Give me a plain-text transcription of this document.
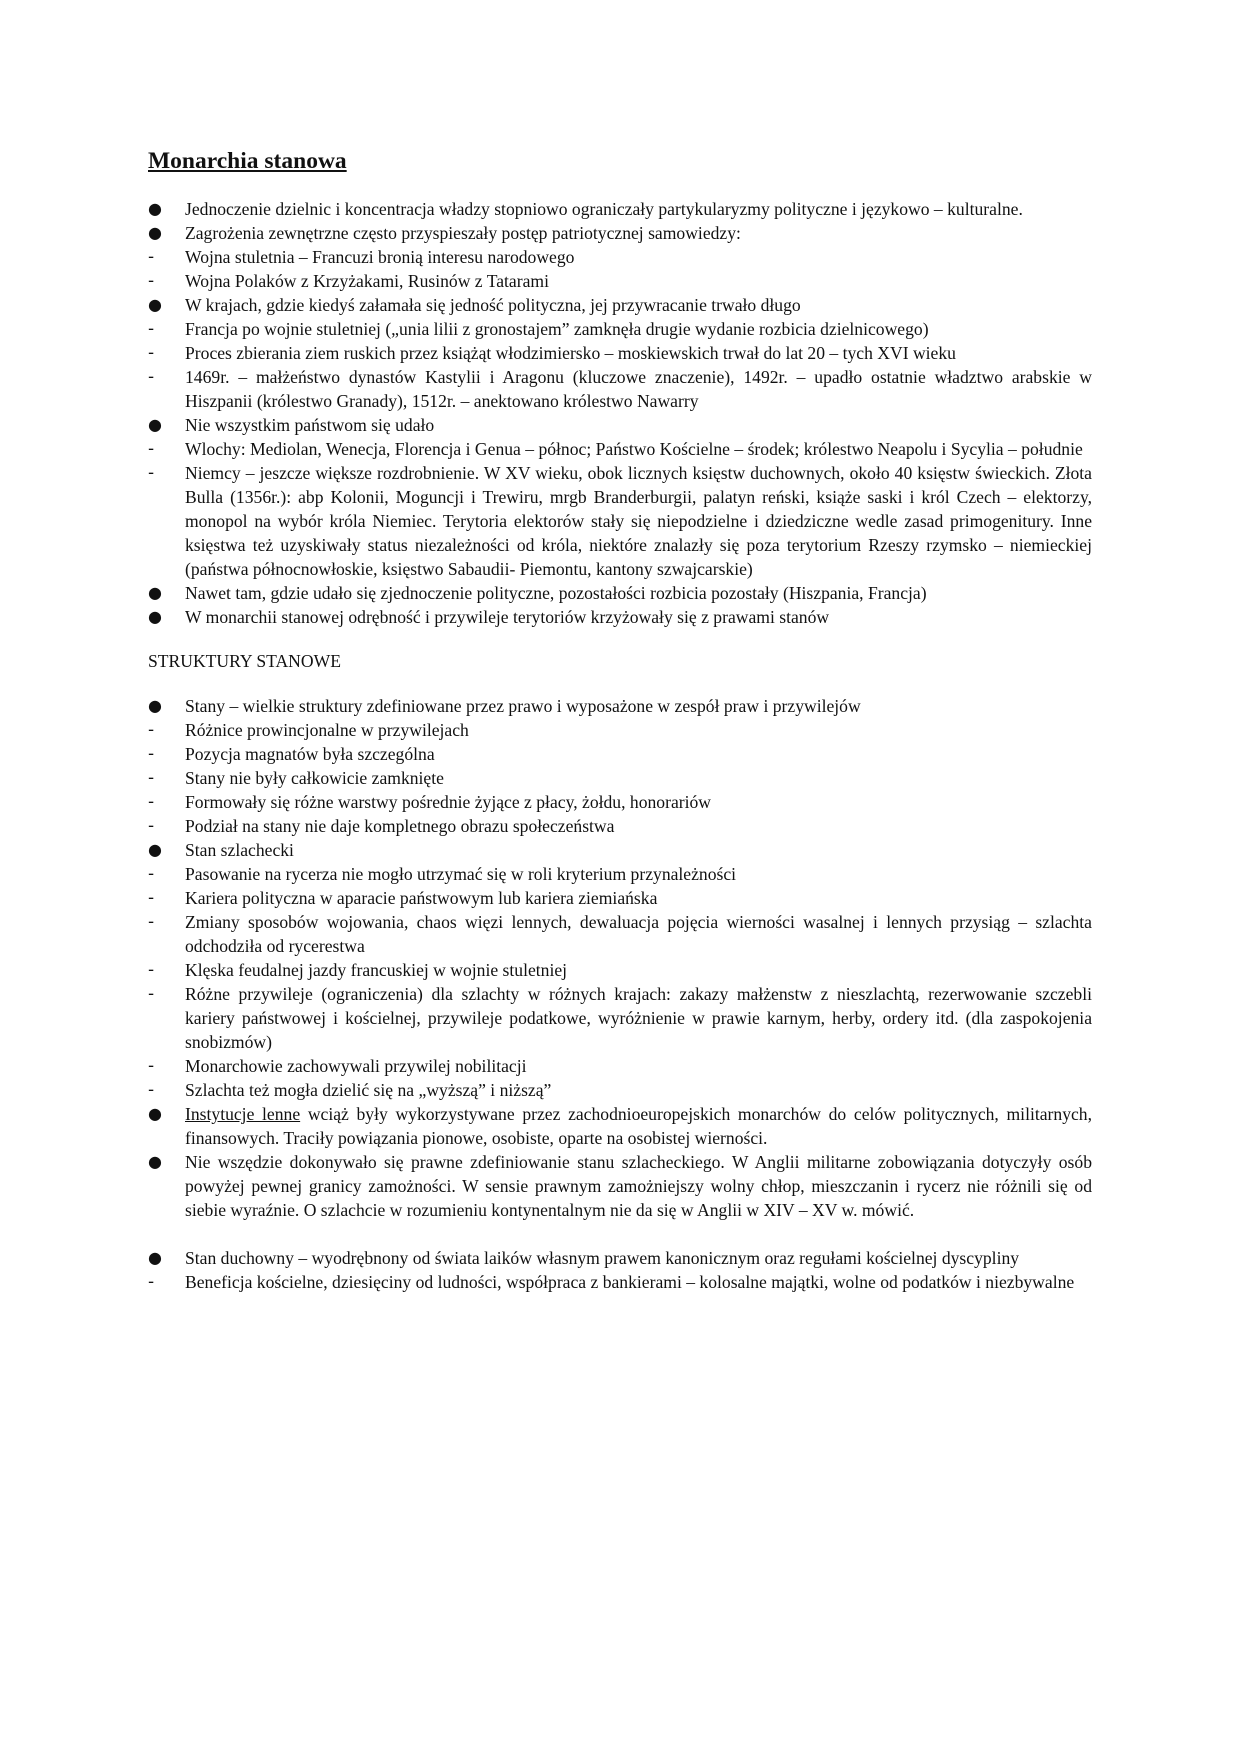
Monarchia stanowa
●	Jednoczenie dzielnic i koncentracja władzy stopniowo ograniczały partykularyzmy polityczne i językowo – kulturalne.
●	Zagrożenia zewnętrzne często przyspieszały postęp patriotycznej samowiedzy:
-	Wojna stuletnia – Francuzi bronią interesu narodowego
-	Wojna Polaków z Krzyżakami, Rusinów z Tatarami
●	W krajach, gdzie kiedyś załamała się jedność polityczna, jej przywracanie trwało długo
-	Francja po wojnie stuletniej („unia lilii z gronostajem” zamknęła drugie wydanie rozbicia dzielnicowego)
-	Proces zbierania ziem ruskich przez książąt włodzimiersko – moskiewskich trwał do lat 20 – tych XVI wieku
-	1469r. – małżeństwo dynastów Kastylii i Aragonu (kluczowe znaczenie), 1492r. – upadło ostatnie władztwo arabskie w Hiszpanii (królestwo Granady), 1512r. – anektowano królestwo Nawarry
●	Nie wszystkim państwom się udało
-	Wlochy: Mediolan, Wenecja, Florencja i Genua – północ; Państwo Kościelne – środek; królestwo Neapolu i Sycylia – południe
-	Niemcy – jeszcze większe rozdrobnienie. W XV wieku, obok licznych księstw duchownych, około 40 księstw świeckich. Złota Bulla (1356r.): abp Kolonii, Moguncji i Trewiru, mrgb Branderburgii, palatyn reński, książe saski i król Czech – elektorzy, monopol na wybór króla Niemiec. Terytoria elektorów stały się niepodzielne i dziedziczne wedle zasad primogenitury. Inne księstwa też uzyskiwały status niezależności od króla, niektóre znalazły się poza terytorium Rzeszy rzymsko – niemieckiej (państwa północnowłoskie, księstwo Sabaudii- Piemontu, kantony szwajcarskie)
●	Nawet tam, gdzie udało się zjednoczenie polityczne, pozostałości rozbicia pozostały (Hiszpania, Francja)
●	W monarchii stanowej odrębność i przywileje terytoriów krzyżowały się z prawami stanów
STRUKTURY STANOWE
●	Stany – wielkie struktury zdefiniowane przez prawo i wyposażone w zespół praw i przywilejów
-	Różnice prowincjonalne w przywilejach
-	Pozycja magnatów była szczególna
-	Stany nie były całkowicie zamknięte
-	Formowały się różne warstwy pośrednie żyjące z płacy, żołdu, honorariów
-	Podział na stany nie daje kompletnego obrazu społeczeństwa
●	Stan szlachecki
-	Pasowanie na rycerza nie mogło utrzymać się w roli kryterium przynależności
-	Kariera polityczna w aparacie państwowym lub kariera ziemiańska
-	Zmiany sposobów wojowania, chaos więzi lennych, dewaluacja pojęcia wierności wasalnej i lennych przysiąg – szlachta odchodziła od rycerestwa
-	Klęska feudalnej jazdy francuskiej w wojnie stuletniej
-	Różne przywileje (ograniczenia) dla szlachty w różnych krajach: zakazy małżenstw z nieszlachtą, rezerwowanie szczebli kariery państwowej i kościelnej, przywileje podatkowe, wyróżnienie w prawie karnym, herby, ordery itd. (dla zaspokojenia snobizmów)
-	Monarchowie zachowywali przywilej nobilitacji
-	Szlachta też mogła dzielić się na „wyższą” i niższą”
●	Instytucje lenne wciąż były wykorzystywane przez zachodnioeuropejskich monarchów do celów politycznych, militarnych, finansowych. Traciły powiązania pionowe, osobiste, oparte na osobistej wierności.
●	Nie wszędzie dokonywało się prawne zdefiniowanie stanu szlacheckiego. W Anglii militarne zobowiązania dotyczyły osób powyżej pewnej granicy zamożności. W sensie prawnym zamożniejszy wolny chłop, mieszczanin i rycerz nie różnili się od siebie wyraźnie. O szlachcie w rozumieniu kontynentalnym nie da się w Anglii w XIV – XV w. mówić.
●	Stan duchowny – wyodrębnony od świata laików własnym prawem kanonicznym oraz regułami kościelnej dyscypliny
-	Beneficja kościelne, dziesięciny od ludności, współpraca z bankierami – kolosalne majątki, wolne od podatków i niezbywalne
